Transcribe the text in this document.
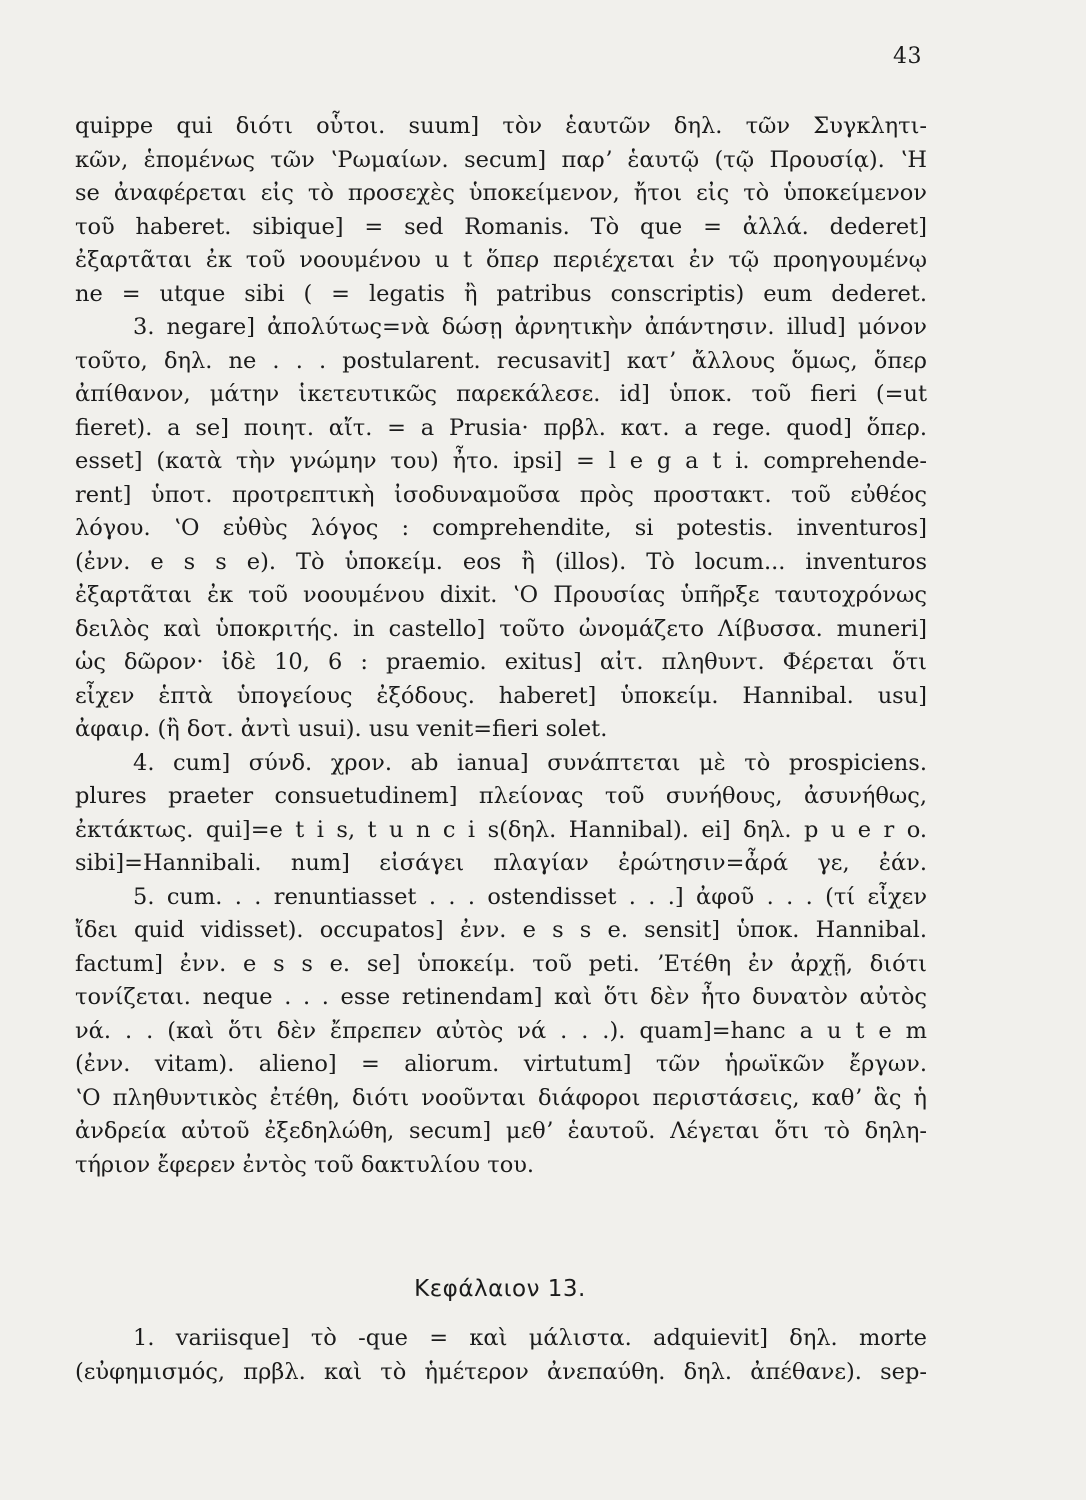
43
quippe qui διότι οὗτοι. suum] τὸν ἑαυτῶν δηλ. τῶν Συγκλητι-
κῶν, ἑπομένως τῶν ʽΡωμαίων. secum] παρʼ ἑαυτῷ (τῷ Προυσίᾳ). ʽΗ
se ἀναφέρεται εἰς τὸ προσεχὲς ὑποκείμενον, ἤτοι εἰς τὸ ὑποκείμενον
τοῦ haberet. sibique] = sed Romanis. Τὸ que = ἀλλά. dederet]
ἐξαρτᾶται ἐκ τοῦ νοουμένου u t ὅπερ περιέχεται ἐν τῷ προηγουμένῳ
ne = utque sibi ( = legatis ἢ patribus conscriptis) eum dederet.
3. negare] ἀπολύτως=νὰ δώσῃ ἀρνητικὴν ἀπάντησιν. illud] μόνον
τοῦτο, δηλ. ne . . . postularent. recusavit] κατʼ ἄλλους ὅμως, ὅπερ
ἀπίθανον, μάτην ἱκετευτικῶς παρεκάλεσε. id] ὑποκ. τοῦ fieri (=ut
fieret). a se] ποιητ. αἴτ. = a Prusia· πρβλ. κατ. a rege. quod] ὅπερ.
esset] (κατὰ τὴν γνώμην του) ἦτο. ipsi] = l e g a t i. comprehende-
rent] ὑποτ. προτρεπτικὴ ἰσοδυναμοῦσα πρὸς προστακτ. τοῦ εὐθέος
λόγου. ʽΟ εὐθὺς λόγος : comprehendite, si potestis. inventuros]
(ἐνν. e s s e). Τὸ ὑποκείμ. eos ἢ (illos). Τὸ locum... inventuros
ἐξαρτᾶται ἐκ τοῦ νοουμένου dixit. ʽΟ Προυσίας ὑπῆρξε ταυτοχρόνως
δειλὸς καὶ ὑποκριτής. in castello] τοῦτο ὠνομάζετο Λίβυσσα. muneri]
ὡς δῶρον· ἰδὲ 10, 6 : praemio. exitus] αἰτ. πληθυντ. Φέρεται ὅτι
εἶχεν ἑπτὰ ὑπογείους ἐξόδους. haberet] ὑποκείμ. Hannibal. usu]
ἀφαιρ. (ἢ δοτ. ἀντὶ usui). usu venit=fieri solet.
4. cum] σύνδ. χρον. ab ianua] συνάπτεται μὲ τὸ prospiciens.
plures praeter consuetudinem] πλείονας τοῦ συνήθους, ἀσυνήθως,
ἐκτάκτως. qui]=e t i s, t u n c i s(δηλ. Hannibal). ei] δηλ. p u e r o.
sibi]=Hannibali. num] εἰσάγει πλαγίαν ἐρώτησιν=ἆρά γε, ἐάν.
5. cum. . . renuntiasset . . . ostendisset . . .] ἀφοῦ . . . (τί εἶχεν
ἴδει quid vidisset). occupatos] ἐνν. e s s e. sensit] ὑποκ. Hannibal.
factum] ἐνν. e s s e. se] ὑποκείμ. τοῦ peti. ʼΕτέθη ἐν ἀρχῇ, διότι
τονίζεται. neque . . . esse retinendam] καὶ ὅτι δὲν ἦτο δυνατὸν αὐτὸς
νά. . . (καὶ ὅτι δὲν ἔπρεπεν αὐτὸς νά . . .). quam]=hanc a u t e m
(ἐνν. vitam). alieno] = aliorum. virtutum] τῶν ἡρωϊκῶν ἔργων.
ʽΟ πληθυντικὸς ἐτέθη, διότι νοοῦνται διάφοροι περιστάσεις, καθʼ ἃς ἡ
ἀνδρεία αὐτοῦ ἐξεδηλώθη, secum] μεθʼ ἑαυτοῦ. Λέγεται ὅτι τὸ δηλη-
τήριον ἔφερεν ἐντὸς τοῦ δακτυλίου του.
Κεφάλαιον 13.
1. variisque] τὸ -que = καὶ μάλιστα. adquievit] δηλ. morte
(εὐφημισμός, πρβλ. καὶ τὸ ἡμέτερον ἀνεπαύθη. δηλ. ἀπέθανε). sep-
